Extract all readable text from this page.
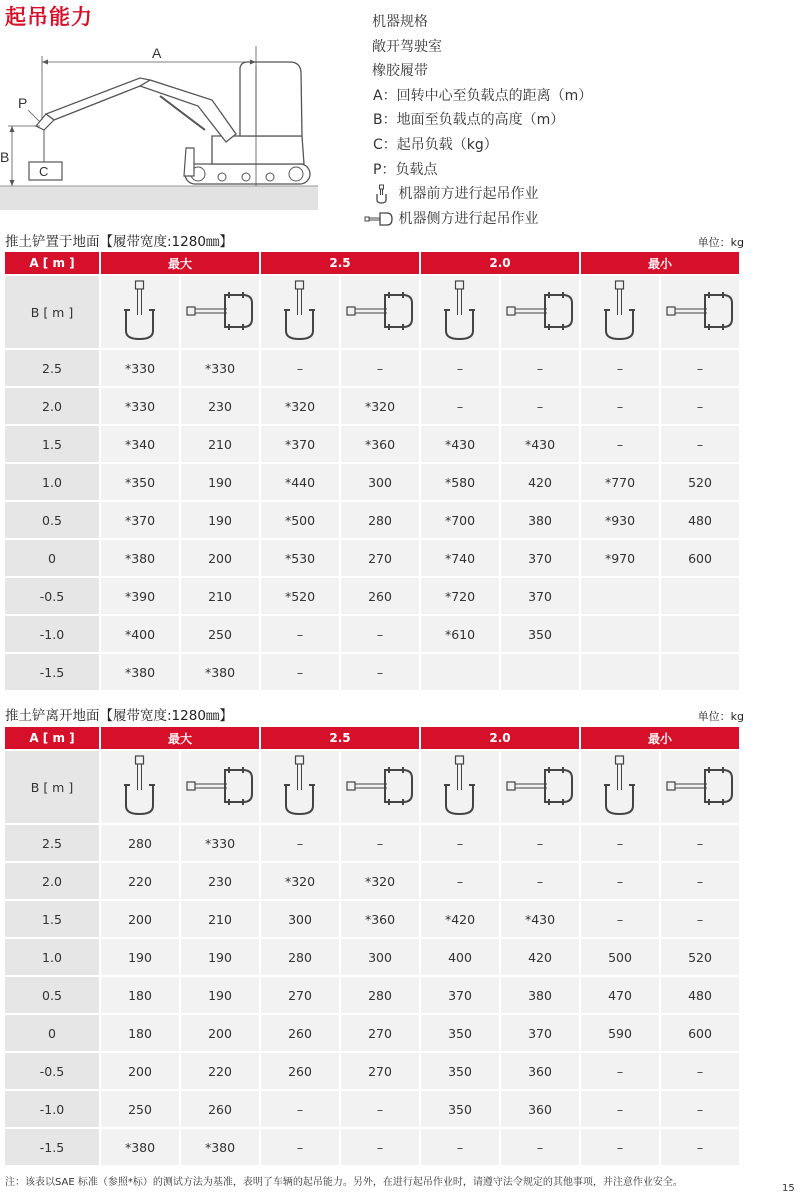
起吊能力
A
B
P
C
机器规格
敞开驾驶室
橡胶履带
A：回转中心至负载点的距离（m）
B：地面至负载点的高度（m）
C：起吊负载（kg）
P：负载点
机器前方进行起吊作业
机器侧方进行起吊作业
推土铲置于地面【履带宽度:1280㎜】	单位：kg
A [ m ]	最大		2.5		2.0		最小	
B [ m ]								
2.5	*330	*330	–	–	–	–	–	–
2.0	*330	230	*320	*320	–	–	–	–
1.5	*340	210	*370	*360	*430	*430	–	–
1.0	*350	190	*440	300	*580	420	*770	520
0.5	*370	190	*500	280	*700	380	*930	480
0	*380	200	*530	270	*740	370	*970	600
-0.5	*390	210	*520	260	*720	370		
-1.0	*400	250	–	–	*610	350		
-1.5	*380	*380	–	–				
推土铲离开地面【履带宽度:1280㎜】	单位：kg
A [ m ]	最大		2.5		2.0		最小	
B [ m ]								
2.5	280	*330	–	–	–	–	–	–
2.0	220	230	*320	*320	–	–	–	–
1.5	200	210	300	*360	*420	*430	–	–
1.0	190	190	280	300	400	420	500	520
0.5	180	190	270	280	370	380	470	480
0	180	200	260	270	350	370	590	600
-0.5	200	220	260	270	350	360	–	–
-1.0	250	260	–	–	350	360	–	–
-1.5	*380	*380	–	–	–	–	–	–
注：该表以SAE 标准（参照*标）的测试方法为基准，表明了车辆的起吊能力。另外，在进行起吊作业时，请遵守法令规定的其他事项，并注意作业安全。
15
